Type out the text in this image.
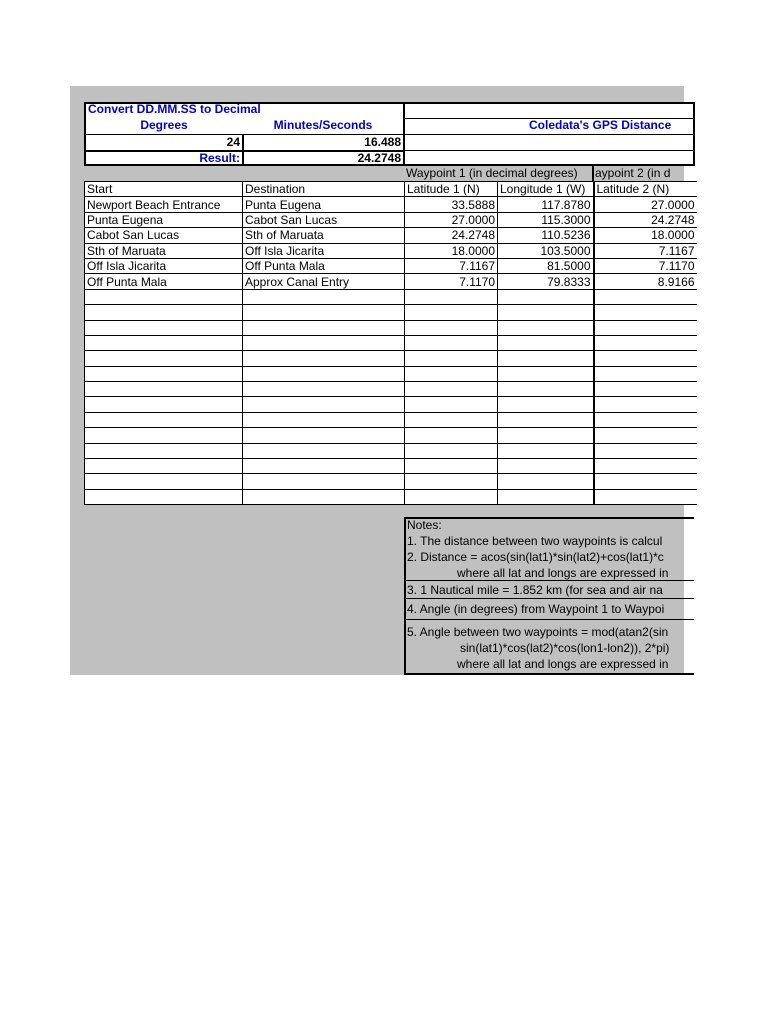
Convert DD.MM.SS to Decimal
Degrees	Minutes/Seconds
24	16.488
Result:	24.2748
Coledata's GPS Distance
Waypoint 1 (in decimal degrees)	aypoint 2 (in d
Start	Destination	Latitude 1 (N)	Longitude 1 (W)	Latitude 2 (N)
Newport Beach Entrance	Punta Eugena	33.5888	117.8780	27.0000
Punta Eugena	Cabot San Lucas	27.0000	115.3000	24.2748
Cabot San Lucas	Sth of Maruata	24.2748	110.5236	18.0000
Sth of Maruata	Off Isla Jicarita	18.0000	103.5000	7.1167
Off Isla Jicarita	Off Punta Mala	7.1167	81.5000	7.1170
Off Punta Mala	Approx Canal Entry	7.1170	79.8333	8.9166

Notes:
1. The distance between two waypoints is calcul
2. Distance = acos(sin(lat1)*sin(lat2)+cos(lat1)*c
where all lat and longs are expressed in
3. 1 Nautical mile = 1.852 km (for sea and air na
4. Angle (in degrees) from Waypoint 1 to Waypoi
5. Angle between two waypoints = mod(atan2(sin
sin(lat1)*cos(lat2)*cos(lon1-lon2)), 2*pi)
where all lat and longs are expressed in
